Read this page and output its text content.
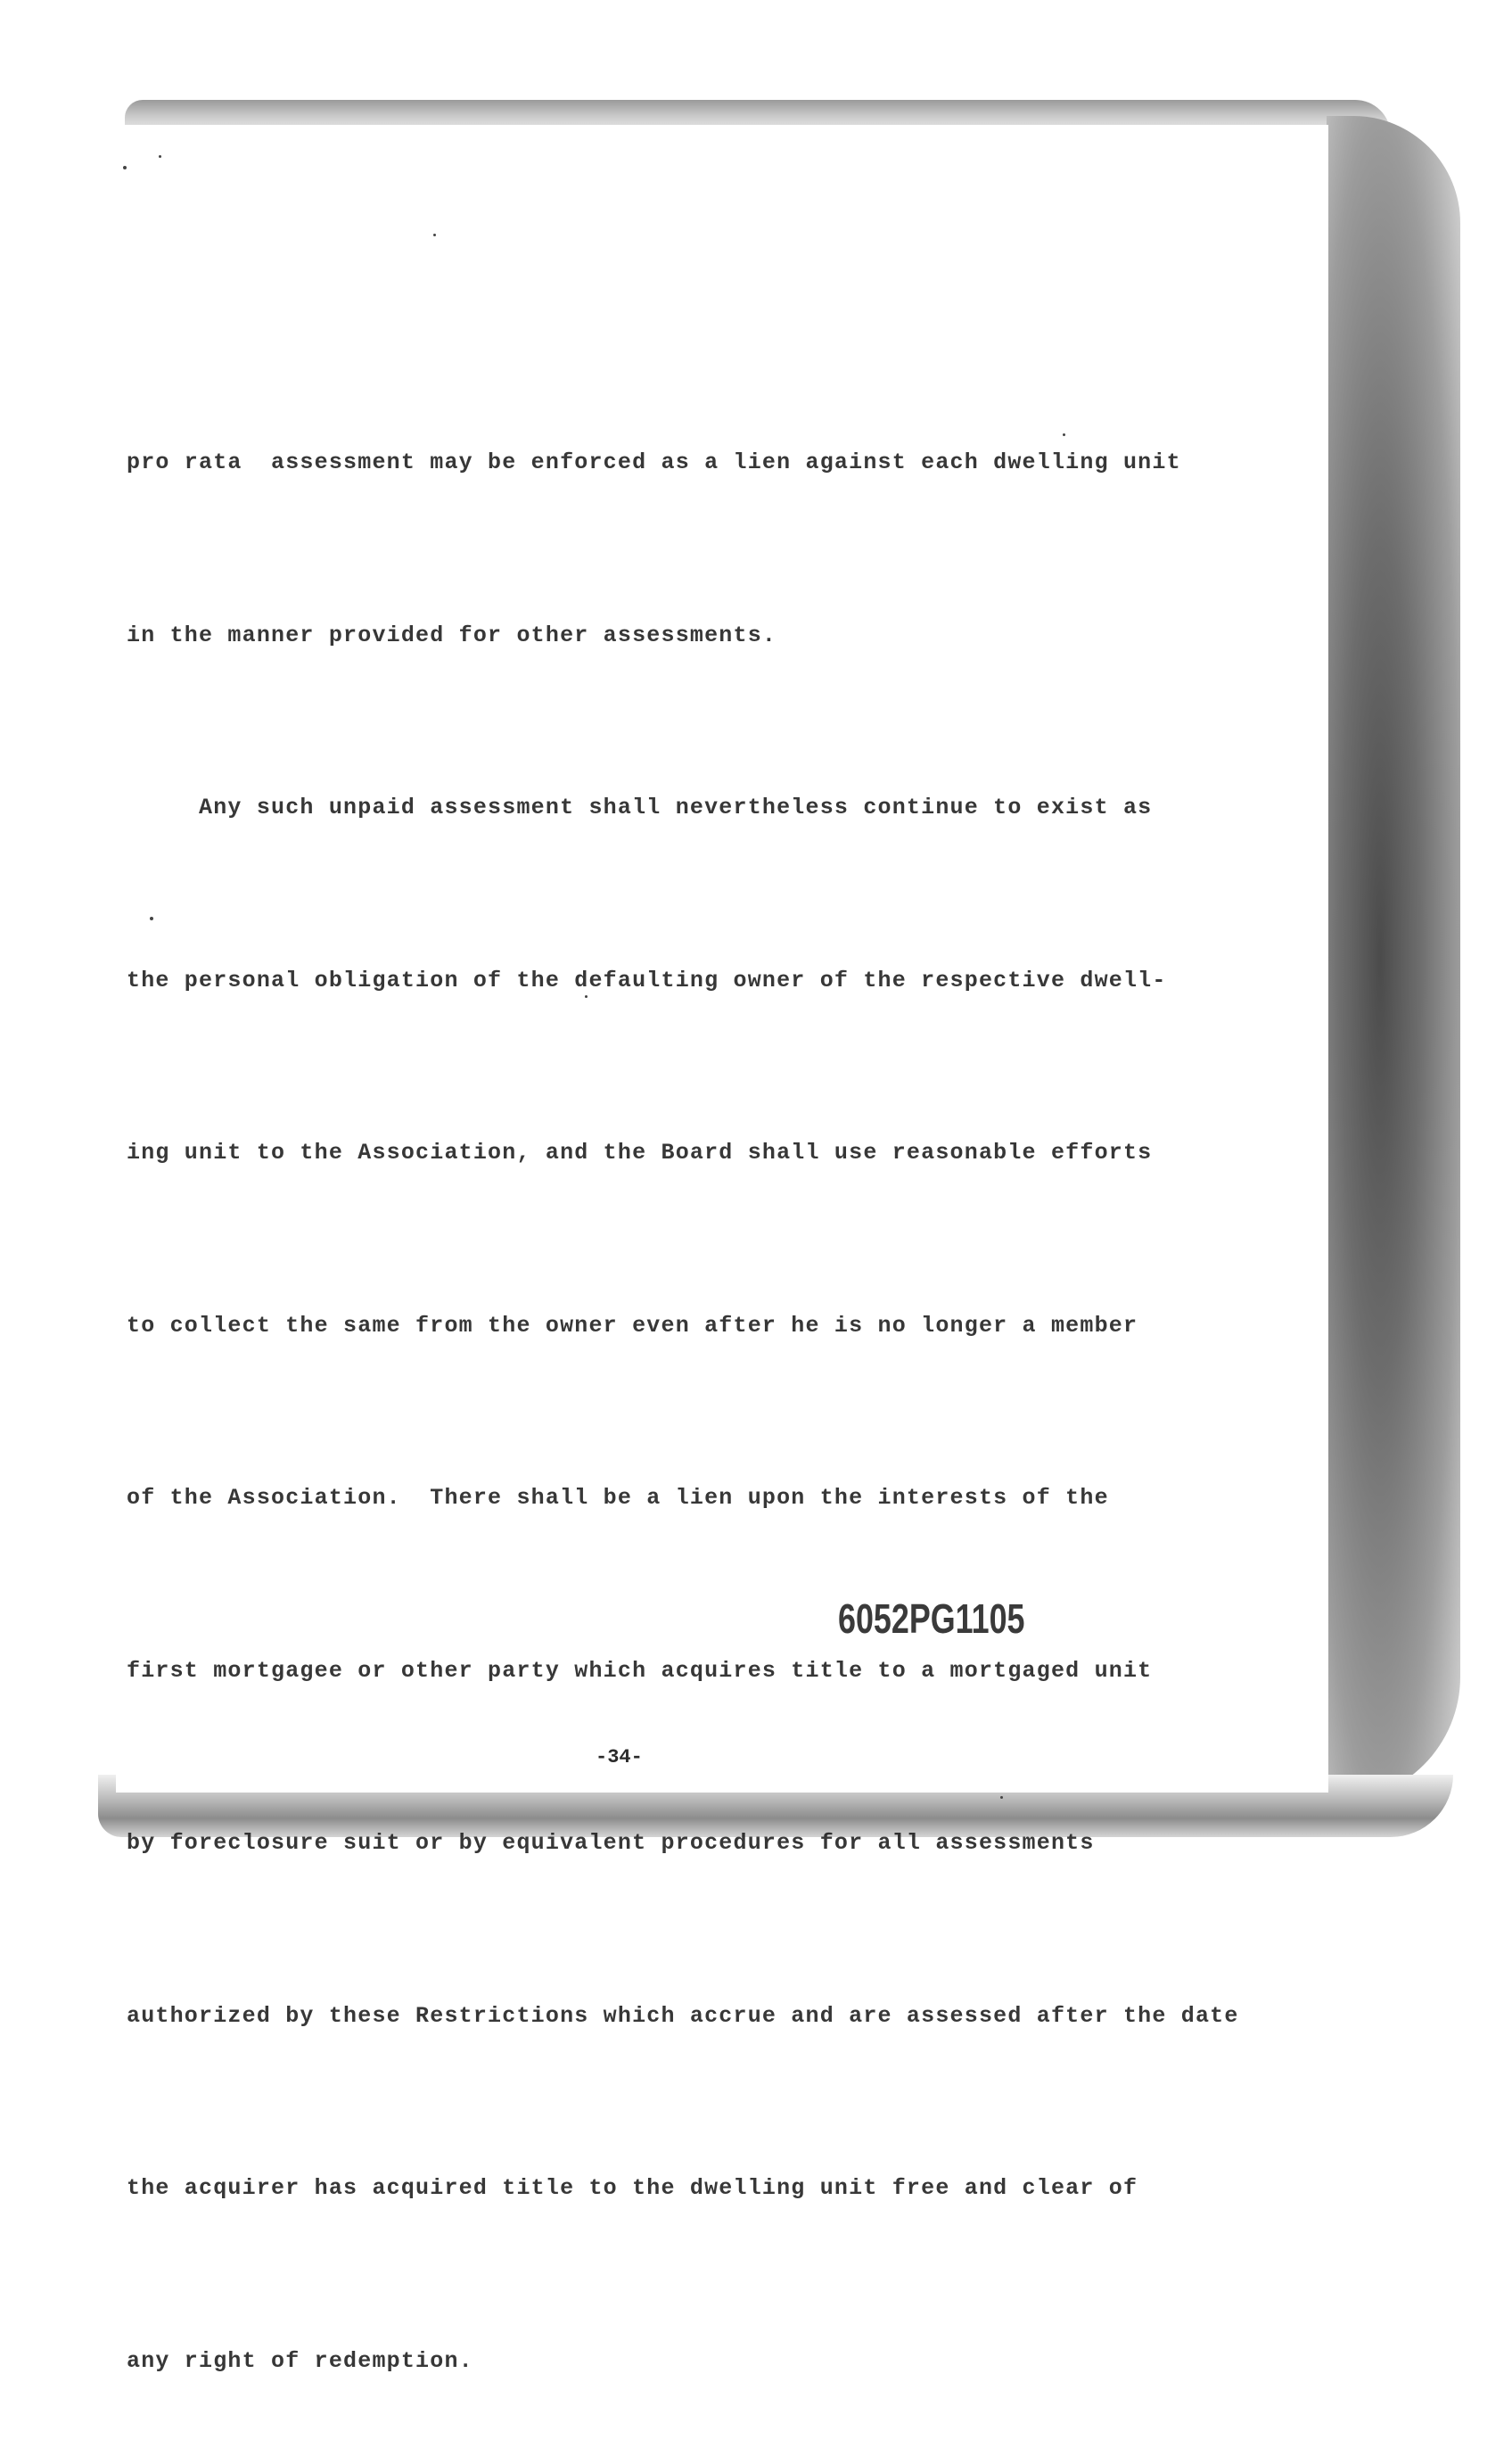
pro rata  assessment may be enforced as a lien against each dwelling unit

in the manner provided for other assessments.

Any such unpaid assessment shall nevertheless continue to exist as

the personal obligation of the defaulting owner of the respective dwell-

ing unit to the Association, and the Board shall use reasonable efforts

to collect the same from the owner even after he is no longer a member

of the Association.  There shall be a lien upon the interests of the

first mortgagee or other party which acquires title to a mortgaged unit

by foreclosure suit or by equivalent procedures for all assessments

authorized by these Restrictions which accrue and are assessed after the date

the acquirer has acquired title to the dwelling unit free and clear of

any right of redemption.

6052PG1105
-34-
